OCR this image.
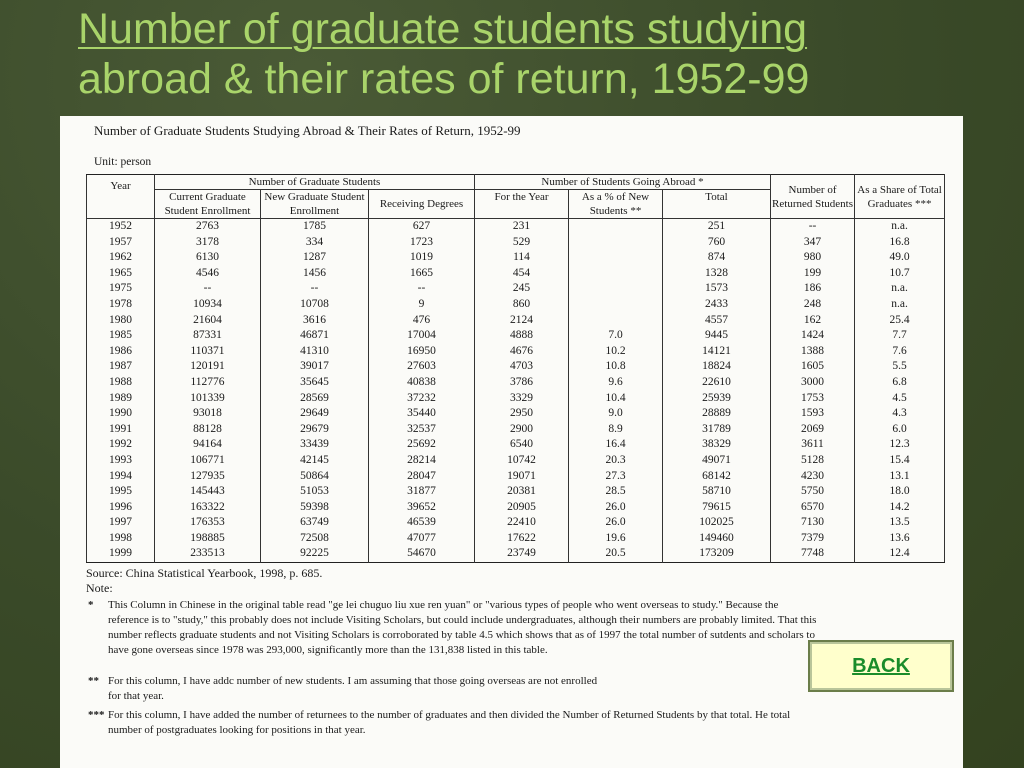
Number of graduate students studying
abroad & their rates of return, 1952-99
Number of Graduate Students Studying Abroad & Their Rates of Return, 1952-99
Unit: person
Year	Number of Graduate Students			Number of Students Going Abroad *			Number of Returned Students	As a Share of Total Graduates ***
	Current Graduate Student Enrollment	New Graduate Student Enrollment	Receiving Degrees	For the Year	As a % of New Students **	Total		
1952	2763	1785	627	231		251	--	n.a.
1957	3178	334	1723	529		760	347	16.8
1962	6130	1287	1019	114		874	980	49.0
1965	4546	1456	1665	454		1328	199	10.7
1975	--	--	--	245		1573	186	n.a.
1978	10934	10708	9	860		2433	248	n.a.
1980	21604	3616	476	2124		4557	162	25.4
1985	87331	46871	17004	4888	7.0	9445	1424	7.7
1986	110371	41310	16950	4676	10.2	14121	1388	7.6
1987	120191	39017	27603	4703	10.8	18824	1605	5.5
1988	112776	35645	40838	3786	9.6	22610	3000	6.8
1989	101339	28569	37232	3329	10.4	25939	1753	4.5
1990	93018	29649	35440	2950	9.0	28889	1593	4.3
1991	88128	29679	32537	2900	8.9	31789	2069	6.0
1992	94164	33439	25692	6540	16.4	38329	3611	12.3
1993	106771	42145	28214	10742	20.3	49071	5128	15.4
1994	127935	50864	28047	19071	27.3	68142	4230	13.1
1995	145443	51053	31877	20381	28.5	58710	5750	18.0
1996	163322	59398	39652	20905	26.0	79615	6570	14.2
1997	176353	63749	46539	22410	26.0	102025	7130	13.5
1998	198885	72508	47077	17622	19.6	149460	7379	13.6
1999	233513	92225	54670	23749	20.5	173209	7748	12.4
Source: China Statistical Yearbook, 1998, p. 685.
Note:
* This Column in Chinese in the original table read "ge lei chuguo liu xue ren yuan" or "various types of people who went overseas to study." Because the reference is to "study," this probably does not include Visiting Scholars, but could include undergraduates, although their numbers are probably limited. That this number reflects graduate students and not Visiting Scholars is corroborated by table 4.5 which shows that as of 1997 the total number of sutdents and scholars to have gone overseas since 1978 was 293,000, significantly more than the 131,838 listed in this table.
** For this column, I have addc number of new students. I am assuming that those going overseas are not enrolled for that year.
*** For this column, I have added the number of returnees to the number of graduates and then divided the Number of Returned Students by that total. He total number of postgraduates looking for positions in that year.
BACK
